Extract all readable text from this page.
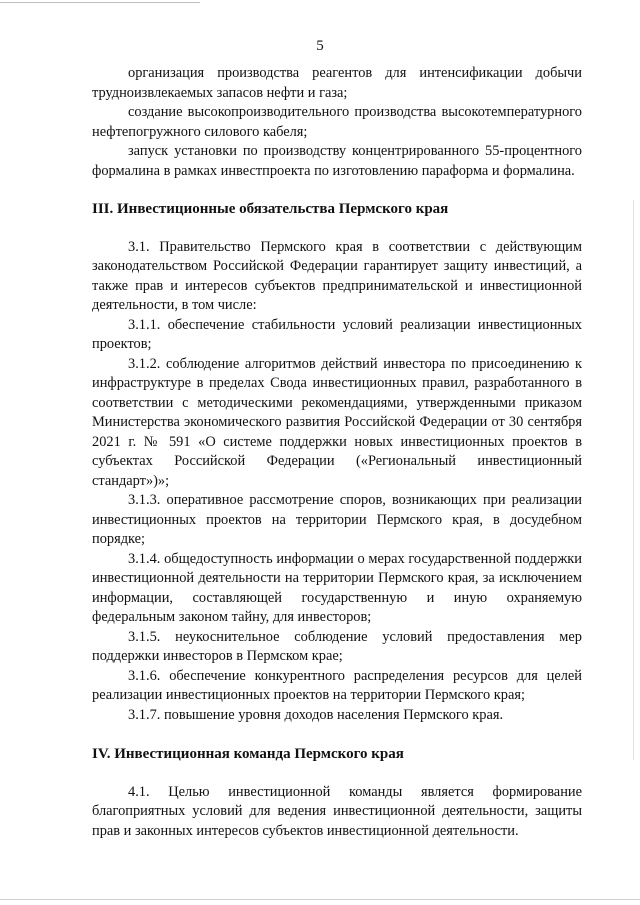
5

организация производства реагентов для интенсификации добычи трудноизвлекаемых запасов нефти и газа;

создание высокопроизводительного производства высокотемпературного нефтепогружного силового кабеля;

запуск установки по производству концентрированного 55-процентного формалина в рамках инвестпроекта по изготовлению параформа и формалина.

III. Инвестиционные обязательства Пермского края

3.1. Правительство Пермского края в соответствии с действующим законодательством Российской Федерации гарантирует защиту инвестиций, а также прав и интересов субъектов предпринимательской и инвестиционной деятельности, в том числе:

3.1.1. обеспечение стабильности условий реализации инвестиционных проектов;

3.1.2. соблюдение алгоритмов действий инвестора по присоединению к инфраструктуре в пределах Свода инвестиционных правил, разработанного в соответствии с методическими рекомендациями, утвержденными приказом Министерства экономического развития Российской Федерации от 30 сентября 2021 г. № 591 «О системе поддержки новых инвестиционных проектов в субъектах Российской Федерации («Региональный инвестиционный стандарт»)»;

3.1.3. оперативное рассмотрение споров, возникающих при реализации инвестиционных проектов на территории Пермского края, в досудебном порядке;

3.1.4. общедоступность информации о мерах государственной поддержки инвестиционной деятельности на территории Пермского края, за исключением информации, составляющей государственную и иную охраняемую федеральным законом тайну, для инвесторов;

3.1.5. неукоснительное соблюдение условий предоставления мер поддержки инвесторов в Пермском крае;

3.1.6. обеспечение конкурентного распределения ресурсов для целей реализации инвестиционных проектов на территории Пермского края;

3.1.7. повышение уровня доходов населения Пермского края.

IV. Инвестиционная команда Пермского края

4.1. Целью инвестиционной команды является формирование благоприятных условий для ведения инвестиционной деятельности, защиты прав и законных интересов субъектов инвестиционной деятельности.
